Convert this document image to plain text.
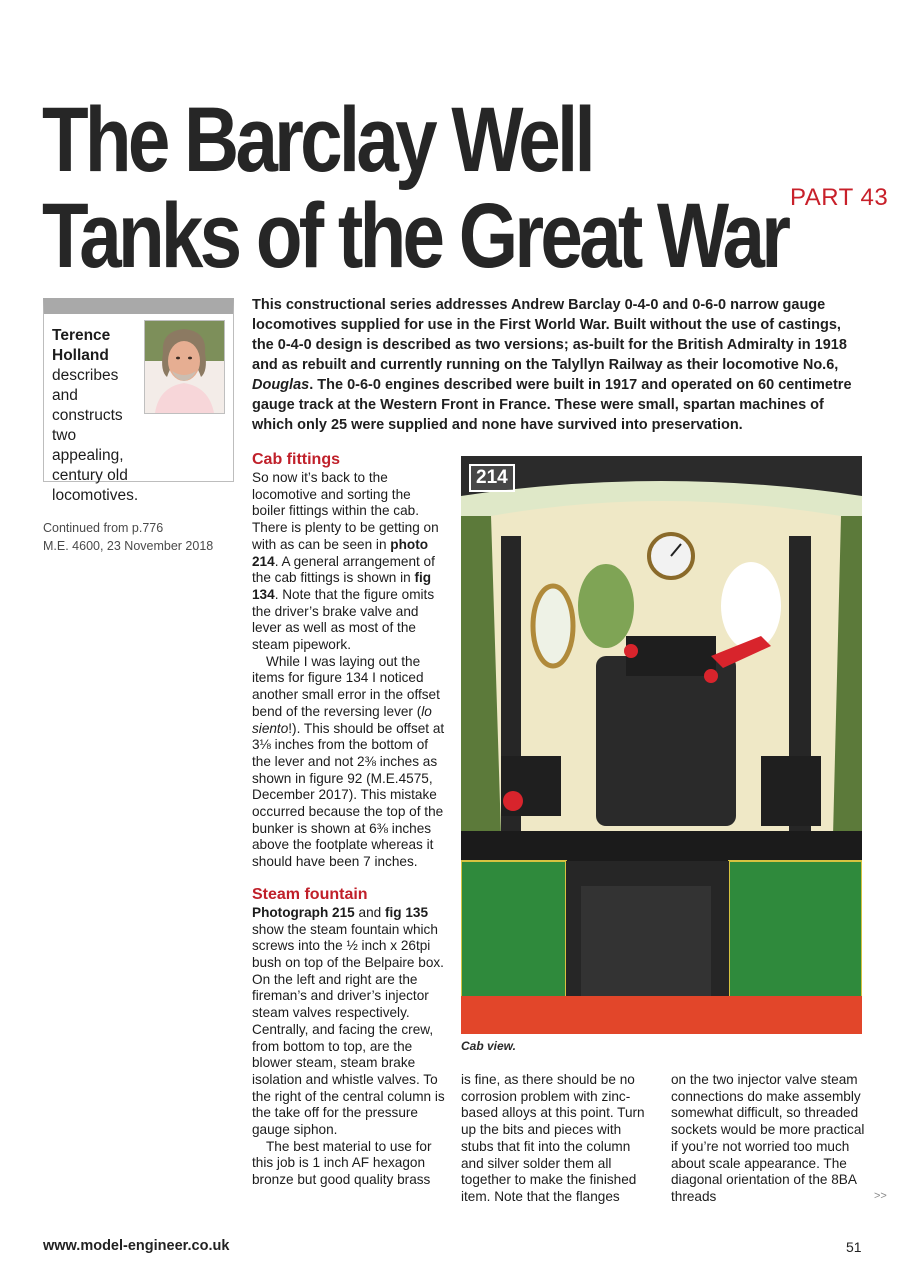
The Barclay Well
Tanks of the Great War PART 43
Terence
Holland

describes and constructs two appealing, century old locomotives.
Continued from p.776
M.E. 4600, 23 November 2018
This constructional series addresses Andrew Barclay 0-4-0 and 0-6-0 narrow gauge locomotives supplied for use in the First World War. Built without the use of castings, the 0-4-0 design is described as two versions; as-built for the British Admiralty in 1918 and as rebuilt and currently running on the Talyllyn Railway as their locomotive No.6, Douglas. The 0-6-0 engines described were built in 1917 and operated on 60 centimetre gauge track at the Western Front in France. These were small, spartan machines of which only 25 were supplied and none have survived into preservation.
Cab fittings

So now it’s back to the locomotive and sorting the boiler fittings within the cab. There is plenty to be getting on with as can be seen in photo 214. A general arrangement of the cab fittings is shown in fig 134. Note that the figure omits the driver’s brake valve and lever as well as most of the steam pipework.

While I was laying out the items for figure 134 I noticed another small error in the offset bend of the reversing lever (lo siento!). This should be offset at 3⅛ inches from the bottom of the lever and not 2⅜ inches as shown in figure 92 (M.E.4575, December 2017). This mistake occurred because the top of the bunker is shown at 6⅜ inches above the footplate whereas it should have been 7 inches.

Steam fountain

Photograph 215 and fig 135 show the steam fountain which screws into the ½ inch x 26tpi bush on top of the Belpaire box. On the left and right are the fireman’s and driver’s injector steam valves respectively. Centrally, and facing the crew, from bottom to top, are the blower steam, steam brake isolation and whistle valves. To the right of the central column is the take off for the pressure gauge siphon.

The best material to use for this job is 1 inch AF hexagon bronze but good quality brass

214
Cab view.
is fine, as there should be no corrosion problem with zinc-based alloys at this point. Turn up the bits and pieces with stubs that fit into the column and silver solder them all together to make the finished item. Note that the flanges
on the two injector valve steam connections do make assembly somewhat difficult, so threaded sockets would be more practical if you’re not worried too much about scale appearance. The diagonal orientation of the 8BA threads	>>
www.model-engineer.co.uk	51
